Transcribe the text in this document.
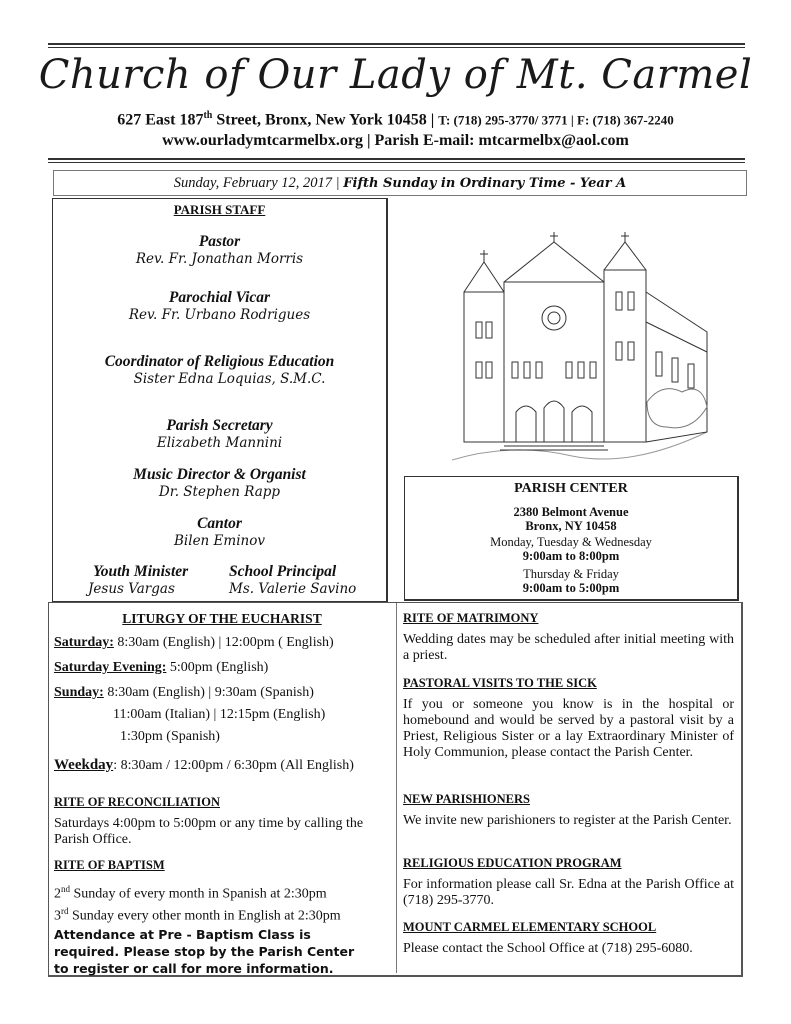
Church of Our Lady of Mt. Carmel
627 East 187th Street, Bronx, New York 10458 | T: (718) 295-3770/ 3771 | F: (718) 367-2240
www.ourladymtcarmelbx.org | Parish E-mail: mtcarmelbx@aol.com
Sunday, February 12, 2017 | Fifth Sunday in Ordinary Time - Year A
PARISH STAFF
Pastor
Rev. Fr. Jonathan Morris
Parochial Vicar
Rev. Fr. Urbano Rodrigues
Coordinator of Religious Education
Sister Edna Loquias, S.M.C.
Parish Secretary
Elizabeth Mannini
Music Director & Organist
Dr. Stephen Rapp
Cantor
Bilen Eminov
Youth Minister
Jesus Vargas
School Principal
Ms. Valerie Savino
PARISH CENTER
2380 Belmont Avenue
Bronx, NY 10458
Monday, Tuesday & Wednesday
9:00am to 8:00pm
Thursday & Friday
9:00am to 5:00pm
LITURGY OF THE EUCHARIST
Saturday: 8:30am (English) | 12:00pm ( English)
Saturday Evening: 5:00pm (English)
Sunday: 8:30am (English) | 9:30am (Spanish)
11:00am (Italian) | 12:15pm (English)
1:30pm (Spanish)
Weekday: 8:30am / 12:00pm / 6:30pm (All English)
RITE OF RECONCILIATION
Saturdays 4:00pm to 5:00pm or any time by calling the Parish Office.
RITE OF BAPTISM
2nd Sunday of every month in Spanish at 2:30pm
3rd Sunday every other month in English at 2:30pm
Attendance at Pre - Baptism Class is required. Please stop by the Parish Center to register or call for more information.
RITE OF MATRIMONY
Wedding dates may be scheduled after initial meeting with a priest.
PASTORAL VISITS TO THE SICK
If you or someone you know is in the hospital or homebound and would be served by a pastoral visit by a Priest, Religious Sister or a lay Extraordinary Minister of Holy Communion, please contact the Parish Center.
NEW PARISHIONERS
We invite new parishioners to register at the Parish Center.
RELIGIOUS EDUCATION PROGRAM
For information please call Sr. Edna at the Parish Office at (718) 295-3770.
MOUNT CARMEL ELEMENTARY SCHOOL
Please contact the School Office at (718) 295-6080.
